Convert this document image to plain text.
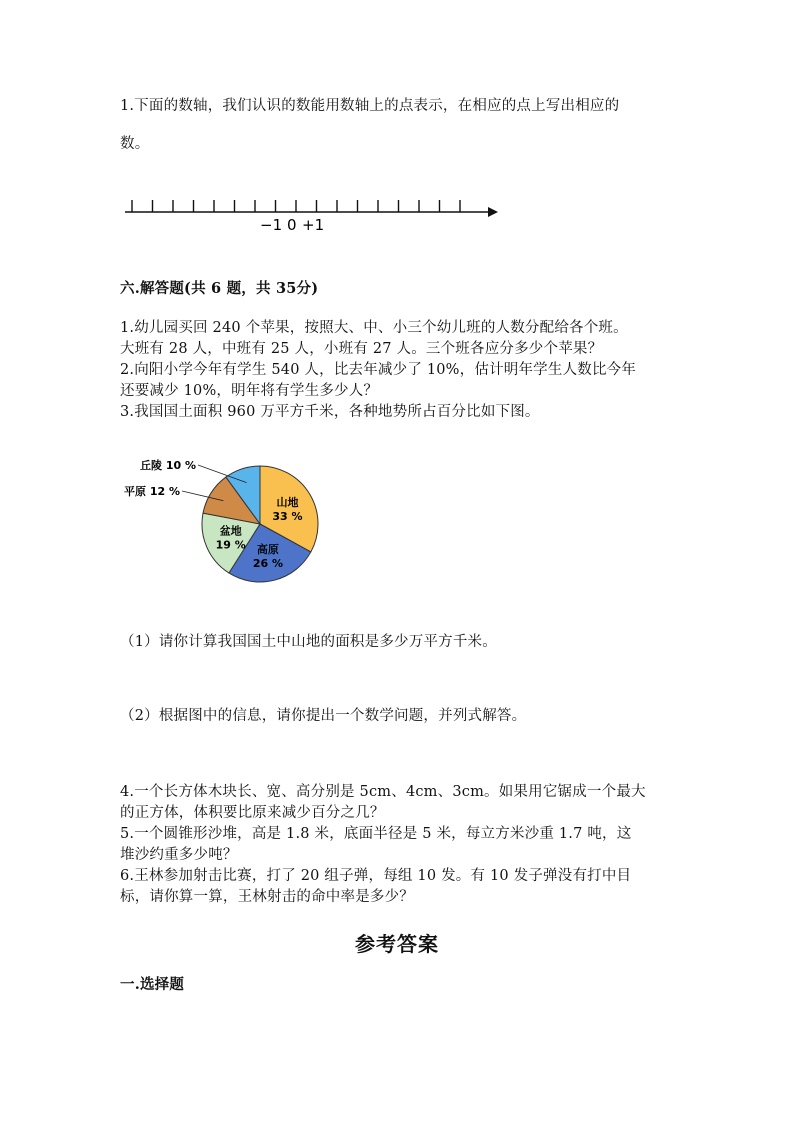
1.下面的数轴，我们认识的数能用数轴上的点表示，在相应的点上写出相应的
数。
−1 0 +1
六.解答题(共 6 题，共 35分)
1.幼儿园买回 240 个苹果，按照大、中、小三个幼儿班的人数分配给各个班。
大班有 28 人，中班有 25 人，小班有 27 人。三个班各应分多少个苹果？
2.向阳小学今年有学生 540 人，比去年减少了 10%，估计明年学生人数比今年
还要减少 10%，明年将有学生多少人？
3.我国国土面积 960 万平方千米，各种地势所占百分比如下图。
山地
33 %
高原
26 %
盆地
19 %
平原 12 %
丘陵 10 %
（1）请你计算我国国土中山地的面积是多少万平方千米。
（2）根据图中的信息，请你提出一个数学问题，并列式解答。
4.一个长方体木块长、宽、高分别是 5cm、4cm、3cm。如果用它锯成一个最大
的正方体，体积要比原来减少百分之几？
5.一个圆锥形沙堆，高是 1.8 米，底面半径是 5 米，每立方米沙重 1.7 吨，这
堆沙约重多少吨？
6.王林参加射击比赛，打了 20 组子弹，每组 10 发。有 10 发子弹没有打中目
标，请你算一算，王林射击的命中率是多少？
参考答案
一.选择题
